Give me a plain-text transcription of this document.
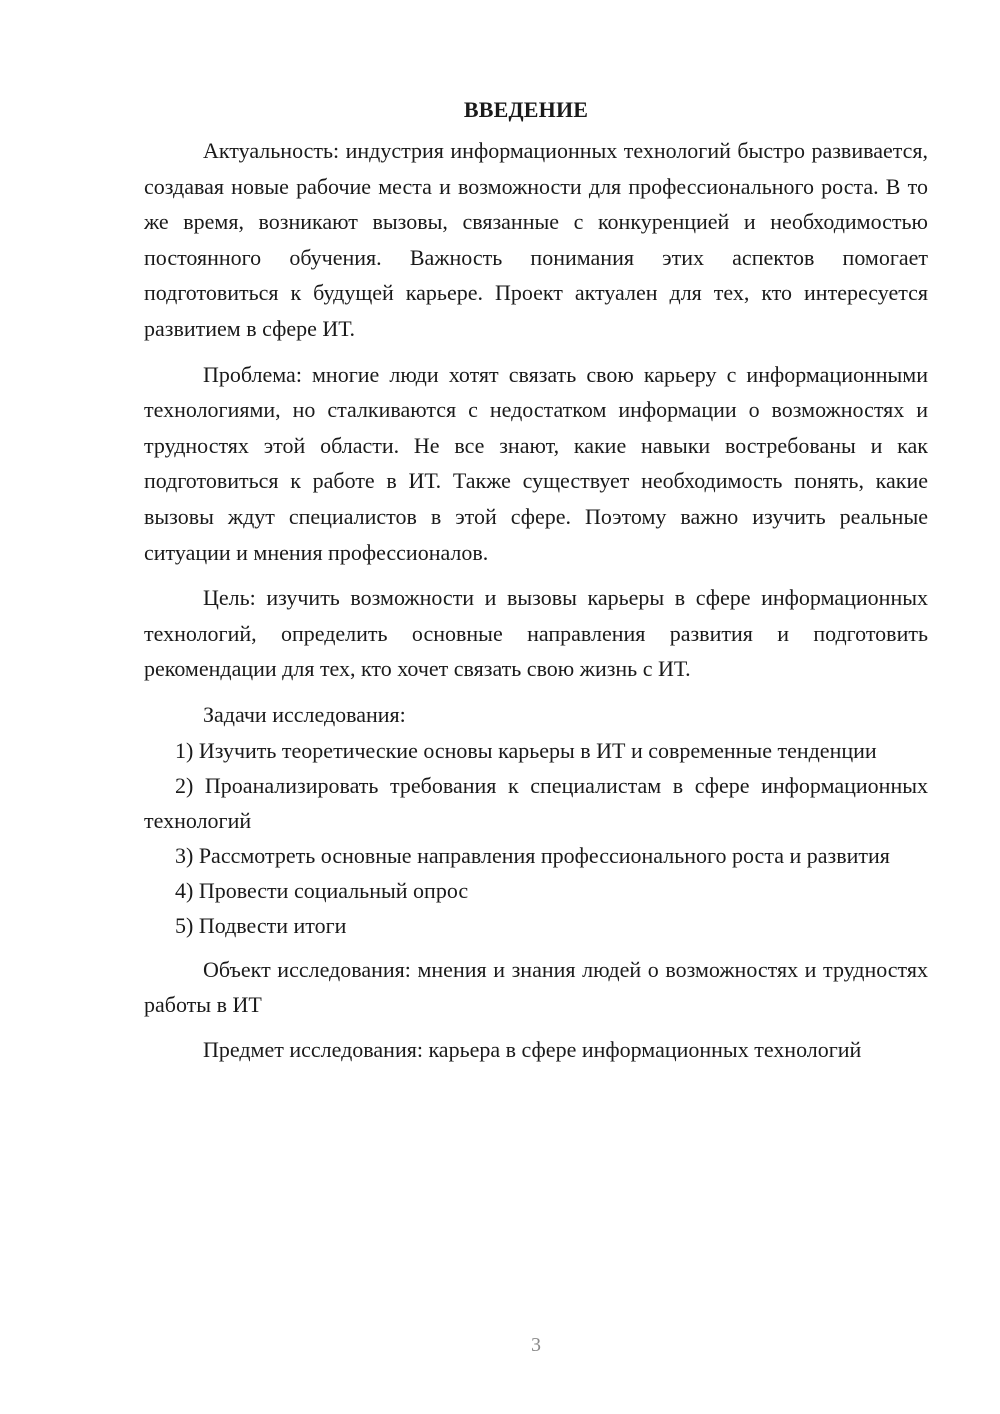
ВВЕДЕНИЕ

Актуальность: индустрия информационных технологий быстро развивается, создавая новые рабочие места и возможности для профессионального роста. В то же время, возникают вызовы, связанные с конкуренцией и необходимостью постоянного обучения. Важность понимания этих аспектов помогает подготовиться к будущей карьере. Проект актуален для тех, кто интересуется развитием в сфере ИТ.

Проблема: многие люди хотят связать свою карьеру с информационными технологиями, но сталкиваются с недостатком информации о возможностях и трудностях этой области. Не все знают, какие навыки востребованы и как подготовиться к работе в ИТ. Также существует необходимость понять, какие вызовы ждут специалистов в этой сфере. Поэтому важно изучить реальные ситуации и мнения профессионалов.

Цель: изучить возможности и вызовы карьеры в сфере информационных технологий, определить основные направления развития и подготовить рекомендации для тех, кто хочет связать свою жизнь с ИТ.

Задачи исследования:

1) Изучить теоретические основы карьеры в ИТ и современные тенденции

2) Проанализировать требования к специалистам в сфере информационных технологий

3) Рассмотреть основные направления профессионального роста и развития

4) Провести социальный опрос

5) Подвести итоги

Объект исследования: мнения и знания людей о возможностях и трудностях работы в ИТ

Предмет исследования: карьера в сфере информационных технологий

3
